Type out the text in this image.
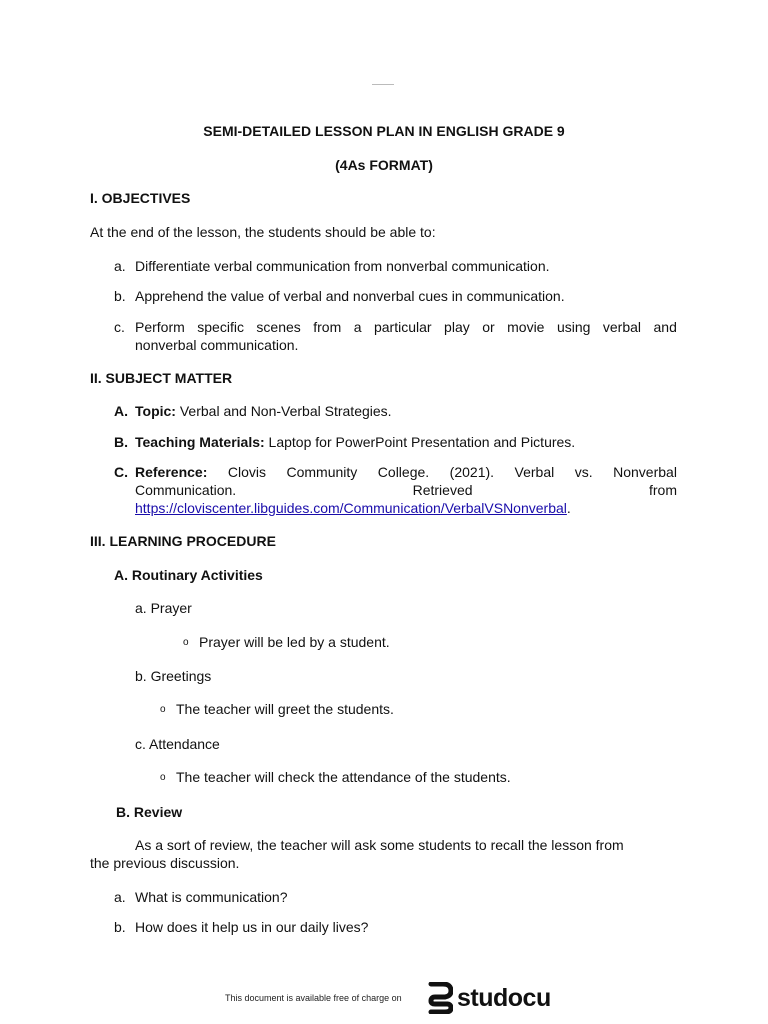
SEMI-DETAILED LESSON PLAN IN ENGLISH GRADE 9
(4As FORMAT)
I. OBJECTIVES
At the end of the lesson, the students should be able to:
a. Differentiate verbal communication from nonverbal communication.
b. Apprehend the value of verbal and nonverbal cues in communication.
c. Perform specific scenes from a particular play or movie using verbal and
nonverbal communication.
II. SUBJECT MATTER
A. Topic: Verbal and Non-Verbal Strategies.
B. Teaching Materials: Laptop for PowerPoint Presentation and Pictures.
C. Reference: Clovis Community College. (2021). Verbal vs. Nonverbal
Communication.	Retrieved	from
https://cloviscenter.libguides.com/Communication/VerbalVSNonverbal.
III. LEARNING PROCEDURE
A. Routinary Activities
a. Prayer
o Prayer will be led by a student.
b. Greetings
o The teacher will greet the students.
c. Attendance
o The teacher will check the attendance of the students.
B. Review
As a sort of review, the teacher will ask some students to recall the lesson from
the previous discussion.
a. What is communication?
b. How does it help us in our daily lives?
This document is available free of charge on studocu
